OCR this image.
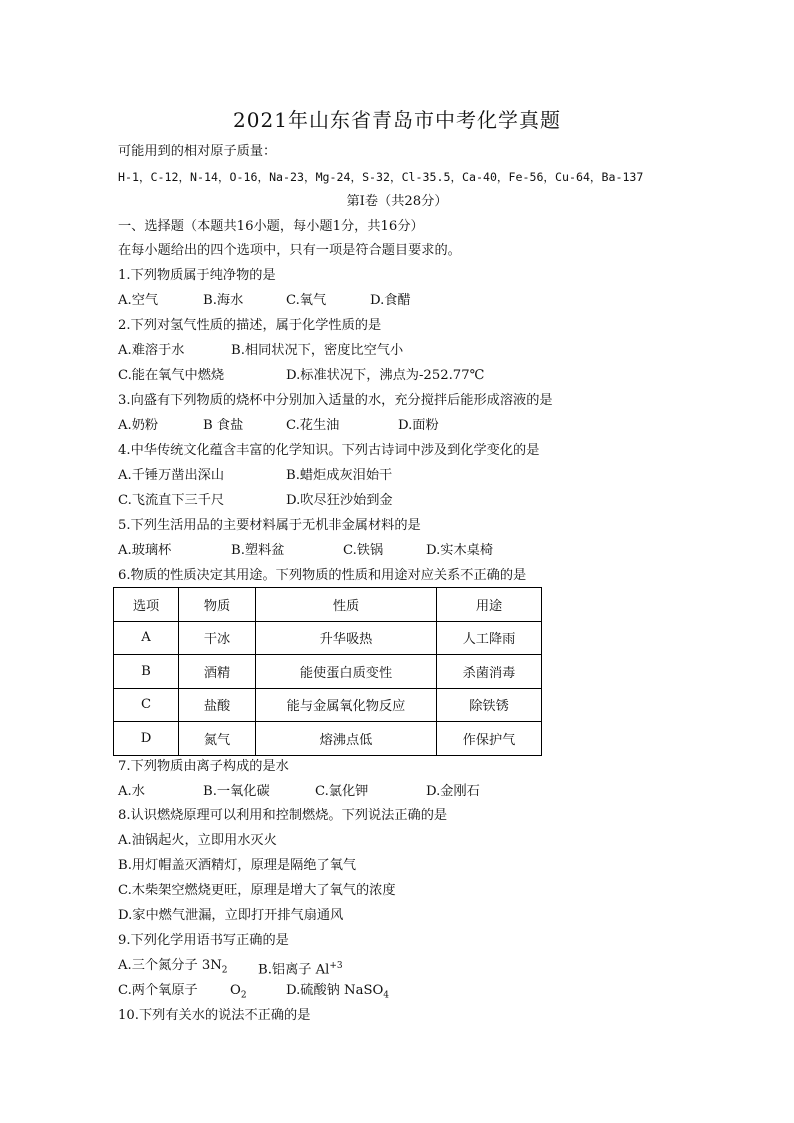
2021年山东省青岛市中考化学真题
可能用到的相对原子质量：
H-1，C-12，N-14，O-16，Na-23，Mg-24，S-32，Cl-35.5，Ca-40，Fe-56，Cu-64，Ba-137
第Ⅰ卷（共28分）
一、选择题（本题共16小题，每小题1分，共16分）
在每小题给出的四个选项中，只有一项是符合题目要求的。
1.下列物质属于纯净物的是
A.空气	B.海水	C.氧气	D.食醋
2.下列对氢气性质的描述，属于化学性质的是
A.难溶于水	B.相同状况下，密度比空气小
C.能在氧气中燃烧	D.标准状况下，沸点为-252.77℃
3.向盛有下列物质的烧杯中分别加入适量的水，充分搅拌后能形成溶液的是
A.奶粉	B 食盐	C.花生油	D.面粉
4.中华传统文化蕴含丰富的化学知识。下列古诗词中涉及到化学变化的是
A.千锤万凿出深山	B.蜡炬成灰泪始干
C.飞流直下三千尺	D.吹尽狂沙始到金
5.下列生活用品的主要材料属于无机非金属材料的是
A.玻璃杯	B.塑料盆	C.铁锅	D.实木桌椅
6.物质的性质决定其用途。下列物质的性质和用途对应关系不正确的是
选项	物质	性质	用途
A	干冰	升华吸热	人工降雨
B	酒精	能使蛋白质变性	杀菌消毒
C	盐酸	能与金属氧化物反应	除铁锈
D	氮气	熔沸点低	作保护气
7.下列物质由离子构成的是水
A.水	B.一氧化碳	C.氯化钾	D.金刚石
8.认识燃烧原理可以利用和控制燃烧。下列说法正确的是
A.油锅起火，立即用水灭火
B.用灯帽盖灭酒精灯，原理是隔绝了氧气
C.木柴架空燃烧更旺，原理是增大了氧气的浓度
D.家中燃气泄漏，立即打开排气扇通风
9.下列化学用语书写正确的是
A.三个氮分子 $3N_2$ B.铝离子 $Al^{+3}$
C.两个氧原子 $O_2$	D.硫酸钠 NaSO$_4$
10.下列有关水的说法不正确的是
